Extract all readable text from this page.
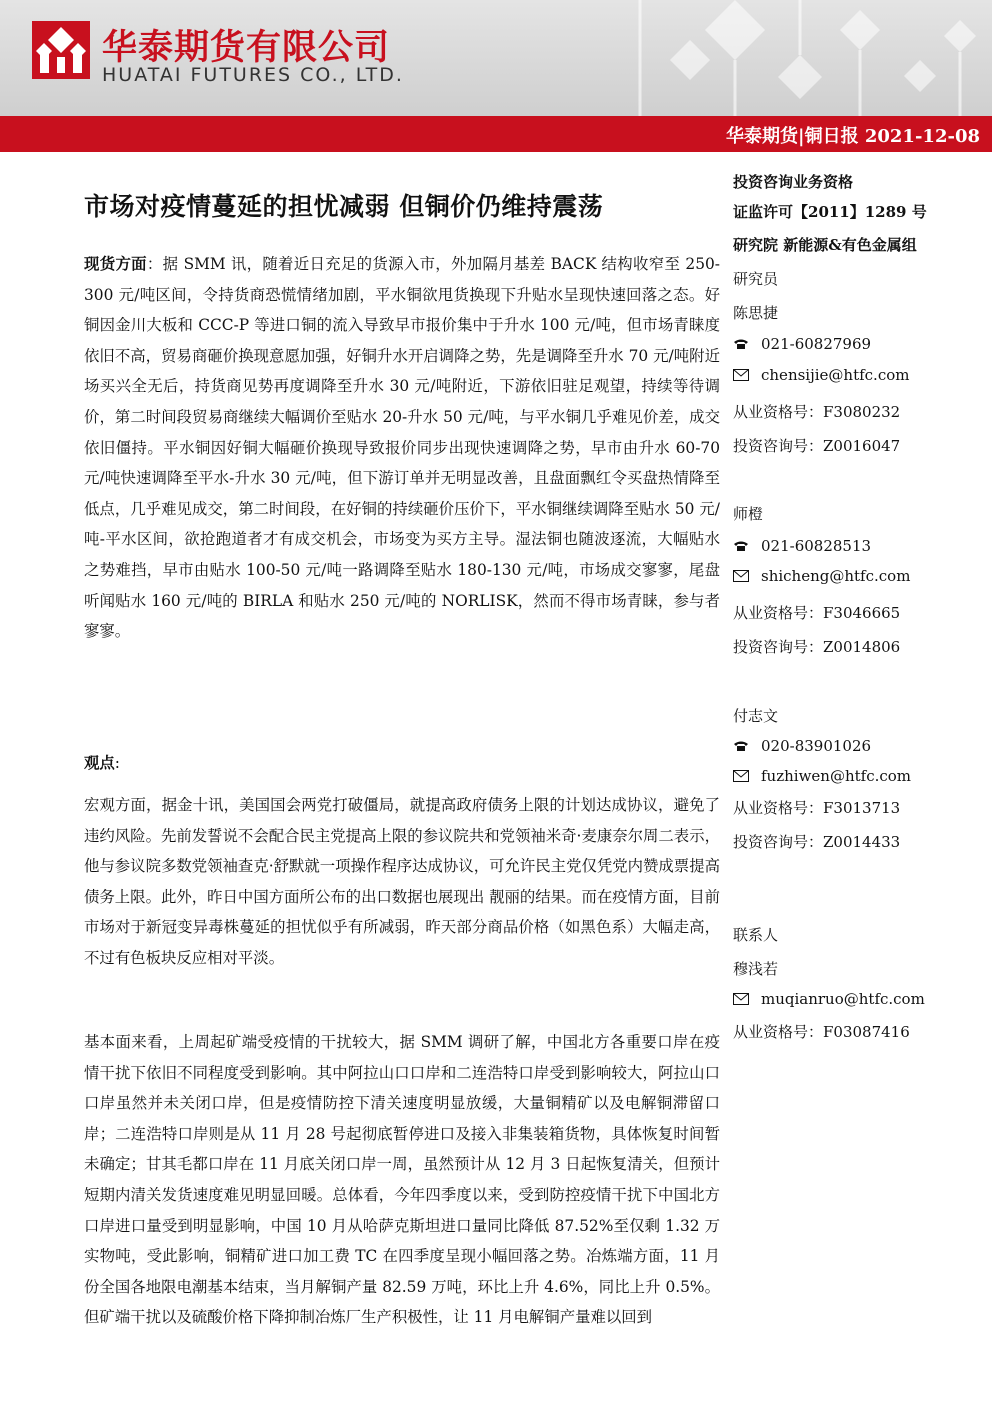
华泰期货有限公司
HUATAI FUTURES CO., LTD.
华泰期货|铜日报 2021-12-08
市场对疫情蔓延的担忧减弱 但铜价仍维持震荡
现货方面：据 SMM 讯，随着近日充足的货源入市，外加隔月基差 BACK 结构收窄至 250-300 元/吨区间，令持货商恐慌情绪加剧，平水铜欲甩货换现下升贴水呈现快速回落之态。好铜因金川大板和 CCC-P 等进口铜的流入导致早市报价集中于升水 100 元/吨，但市场青睐度依旧不高，贸易商砸价换现意愿加强，好铜升水开启调降之势，先是调降至升水 70 元/吨附近场买兴全无后，持货商见势再度调降至升水 30 元/吨附近，下游依旧驻足观望，持续等待调价，第二时间段贸易商继续大幅调价至贴水 20-升水 50 元/吨，与平水铜几乎难见价差，成交依旧僵持。平水铜因好铜大幅砸价换现导致报价同步出现快速调降之势，早市由升水 60-70 元/吨快速调降至平水-升水 30 元/吨，但下游订单并无明显改善，且盘面飘红令买盘热情降至低点，几乎难见成交，第二时间段，在好铜的持续砸价压价下，平水铜继续调降至贴水 50 元/吨-平水区间，欲抢跑道者才有成交机会，市场变为买方主导。湿法铜也随波逐流，大幅贴水之势难挡，早市由贴水 100-50 元/吨一路调降至贴水 180-130 元/吨，市场成交寥寥，尾盘听闻贴水 160 元/吨的 BIRLA 和贴水 250 元/吨的 NORLISK，然而不得市场青睐，参与者寥寥。
观点:
宏观方面，据金十讯，美国国会两党打破僵局，就提高政府债务上限的计划达成协议，避免了违约风险。先前发誓说不会配合民主党提高上限的参议院共和党领袖米奇·麦康奈尔周二表示，他与参议院多数党领袖查克·舒默就一项操作程序达成协议，可允许民主党仅凭党内赞成票提高债务上限。此外，昨日中国方面所公布的出口数据也展现出 靓丽的结果。而在疫情方面，目前市场对于新冠变异毒株蔓延的担忧似乎有所减弱，昨天部分商品价格（如黑色系）大幅走高，不过有色板块反应相对平淡。
基本面来看，上周起矿端受疫情的干扰较大，据 SMM 调研了解，中国北方各重要口岸在疫情干扰下依旧不同程度受到影响。其中阿拉山口口岸和二连浩特口岸受到影响较大，阿拉山口口岸虽然并未关闭口岸，但是疫情防控下清关速度明显放缓，大量铜精矿以及电解铜滞留口岸；二连浩特口岸则是从 11 月 28 号起彻底暂停进口及接入非集装箱货物，具体恢复时间暂未确定；甘其毛都口岸在 11 月底关闭口岸一周，虽然预计从 12 月 3 日起恢复清关，但预计短期内清关发货速度难见明显回暖。总体看，今年四季度以来，受到防控疫情干扰下中国北方口岸进口量受到明显影响，中国 10 月从哈萨克斯坦进口量同比降低 87.52%至仅剩 1.32 万实物吨，受此影响，铜精矿进口加工费 TC 在四季度呈现小幅回落之势。冶炼端方面，11 月份全国各地限电潮基本结束，当月解铜产量 82.59 万吨，环比上升 4.6%，同比上升 0.5%。但矿端干扰以及硫酸价格下降抑制冶炼厂生产积极性，让 11 月电解铜产量难以回到
投资咨询业务资格
证监许可【2011】1289 号
研究院 新能源&有色金属组
研究员
陈思捷
021-60827969
chensijie@htfc.com
从业资格号：F3080232
投资咨询号：Z0016047
师橙
021-60828513
shicheng@htfc.com
从业资格号：F3046665
投资咨询号：Z0014806
付志文
020-83901026
fuzhiwen@htfc.com
从业资格号：F3013713
投资咨询号：Z0014433
联系人
穆浅若
muqianruo@htfc.com
从业资格号：F03087416
